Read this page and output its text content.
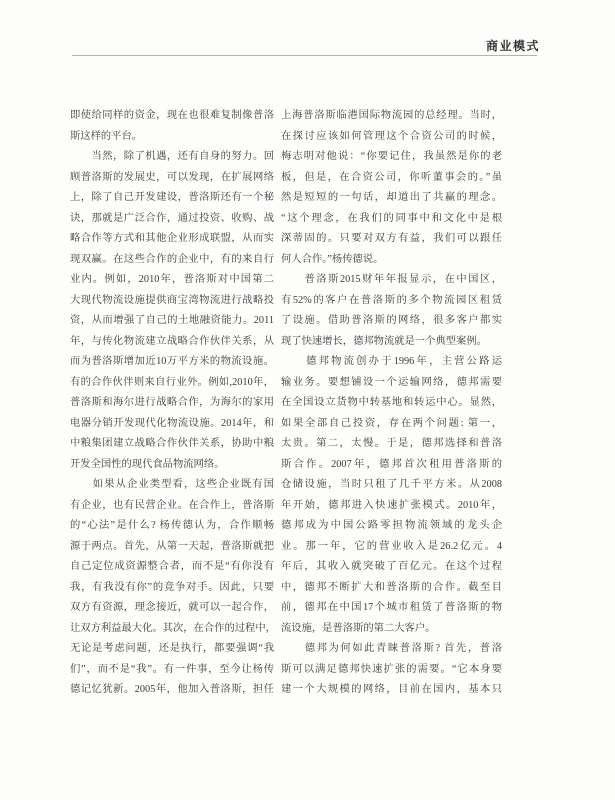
商业模式
即使给同样的资金，现在也很难复制像普洛
斯这样的平台。
　　当然，除了机遇，还有自身的努力。回
顾普洛斯的发展史，可以发现，在扩展网络
上，除了自己开发建设，普洛斯还有一个秘
诀，那就是广泛合作，通过投资、收购、战
略合作等方式和其他企业形成联盟，从而实
现双赢。在这些合作的企业中，有的来自行
业内。例如，2010年，普洛斯对中国第二
大现代物流设施提供商宝湾物流进行战略投
资，从而增强了自己的土地融资能力。2011
年，与传化物流建立战略合作伙伴关系，从
而为普洛斯增加近10万平方米的物流设施。
有的合作伙伴则来自行业外。例如,2010年，
普洛斯和海尔进行战略合作，为海尔的家用
电器分销开发现代化物流设施。2014年，和
中粮集团建立战略合作伙伴关系，协助中粮
开发全国性的现代食品物流网络。
　　如果从企业类型看，这些企业既有国
有企业，也有民营企业。在合作上，普洛斯
的“心法”是什么? 杨传德认为，合作顺畅
源于两点。首先，从第一天起，普洛斯就把
自己定位成资源整合者，而不是“有你没有
我，有我没有你”的竞争对手。因此，只要
双方有资源，理念接近，就可以一起合作，
让双方利益最大化。其次，在合作的过程中，
无论是考虑问题，还是执行，都要强调“我
们”，而不是“我”。有一件事，至今让杨传
德记忆犹新。2005年，他加入普洛斯，担任
上海普洛斯临港国际物流园的总经理。当时，
在探讨应该如何管理这个合资公司的时候，
梅志明对他说：“你要记住，我虽然是你的老
板，但是，在合资公司，你听董事会的。”虽
然是短短的一句话，却道出了共赢的理念。
“这个理念，在我们的同事中和文化中是根
深蒂固的。只要对双方有益，我们可以跟任
何人合作。”杨传德说。
　　普洛斯2015财年年报显示，在中国区，
有52%的客户在普洛斯的多个物流园区租赁
了设施。借助普洛斯的网络，很多客户都实
现了快速增长，德邦物流就是一个典型案例。
　　德邦物流创办于1996年，主营公路运
输业务。要想铺设一个运输网络，德邦需要
在全国设立货物中转基地和转运中心。显然，
如果全部自己投资，存在两个问题: 第一，
太贵。第二，太慢。于是，德邦选择和普洛
斯合作。2007年，德邦首次租用普洛斯的
仓储设施，当时只租了几千平方米。从2008
年开始，德邦进入快速扩张模式。2010年，
德邦成为中国公路零担物流领域的龙头企
业。那一年，它的营业收入是26.2亿元。4
年后，其收入就突破了百亿元。在这个过程
中，德邦不断扩大和普洛斯的合作。截至目
前，德邦在中国17个城市租赁了普洛斯的物
流设施，是普洛斯的第二大客户。
　　德邦为何如此青睐普洛斯? 首先，普洛
斯可以满足德邦快速扩张的需要。“它本身要
建一个大规模的网络，目前在国内，基本只
